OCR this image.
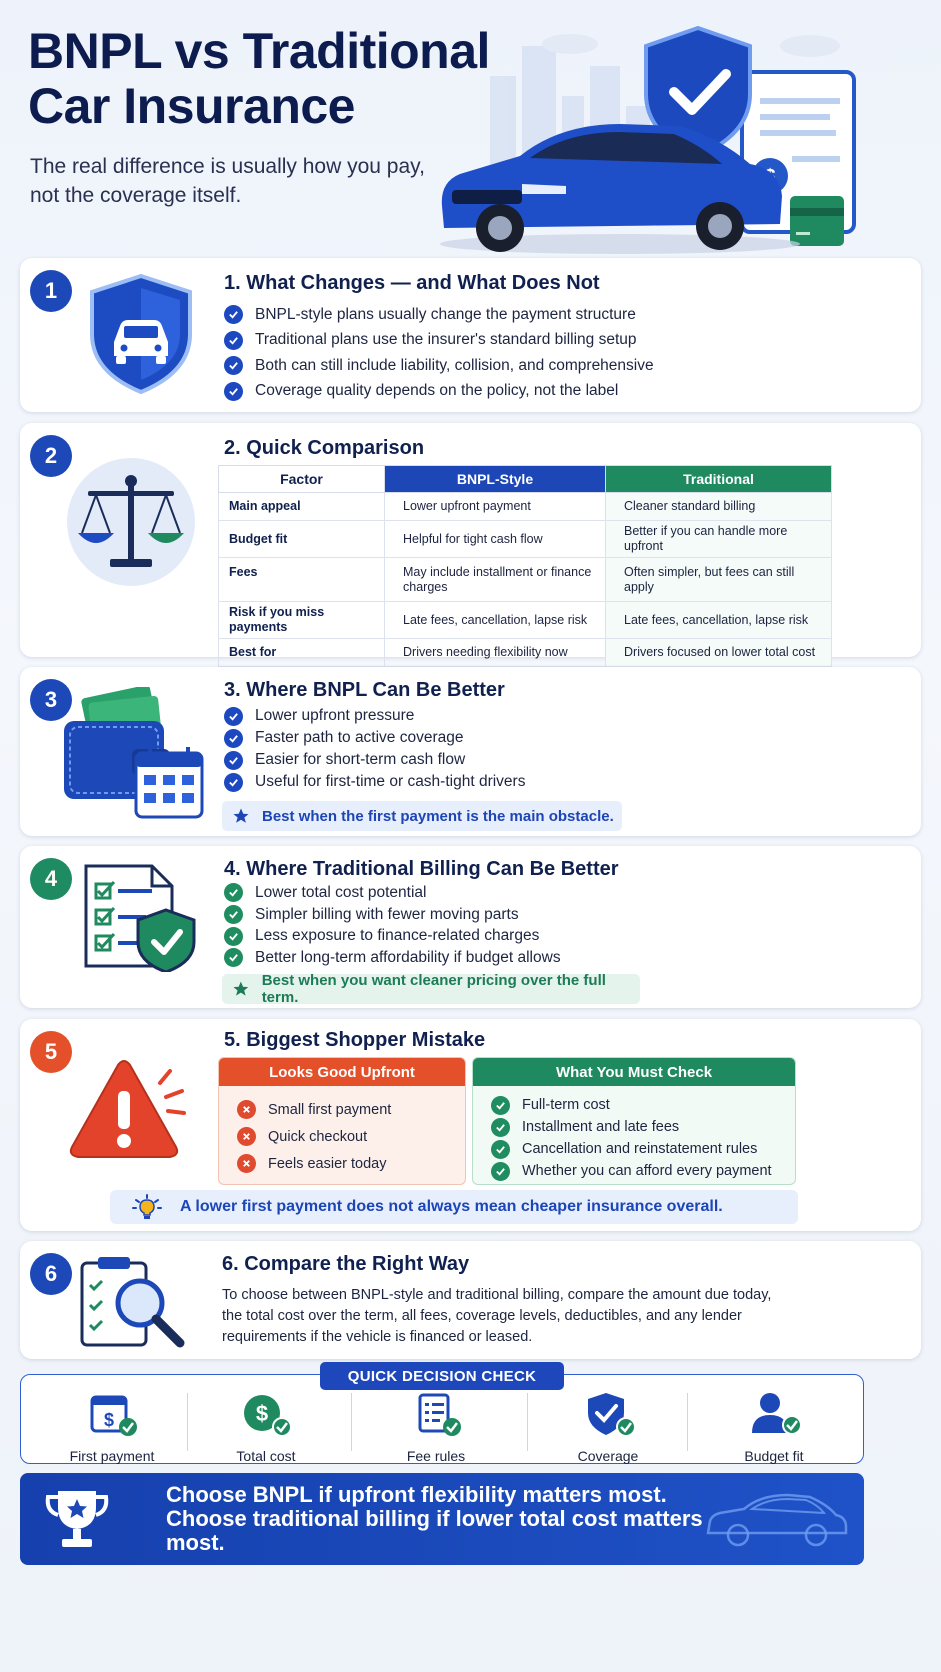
BNPL vs Traditional Car Insurance

The real difference is usually how you pay, not the coverage itself.

1	1. What Changes — and What Does Not
BNPL-style plans usually change the payment structure
Traditional plans use the insurer's standard billing setup
Both can still include liability, collision, and comprehensive
Coverage quality depends on the policy, not the label
2	2. Quick Comparison
Factor	BNPL-Style	Traditional
Main appeal	Lower upfront payment	Cleaner standard billing
Budget fit	Helpful for tight cash flow	Better if you can handle more upfront
Fees	May include installment or finance charges	Often simpler, but fees can still apply
Risk if you miss payments	Late fees, cancellation, lapse risk	Late fees, cancellation, lapse risk
Best for	Drivers needing flexibility now	Drivers focused on lower total cost
3	3. Where BNPL Can Be Better
Lower upfront pressure
Faster path to active coverage
Easier for short-term cash flow
Useful for first-time or cash-tight drivers
Best when the first payment is the main obstacle.
4	4. Where Traditional Billing Can Be Better
Lower total cost potential
Simpler billing with fewer moving parts
Less exposure to finance-related charges
Better long-term affordability if budget allows
Best when you want cleaner pricing over the full term.
5	5. Biggest Shopper Mistake
Looks Good Upfront
Small first payment
Quick checkout
Feels easier today
What You Must Check
Full-term cost
Installment and late fees
Cancellation and reinstatement rules
Whether you can afford every payment
A lower first payment does not always mean cheaper insurance overall.
6	6. Compare the Right Way

To choose between BNPL-style and traditional billing, compare the amount due today, the total cost over the term, all fees, coverage levels, deductibles, and any lender requirements if the vehicle is financed or leased.

QUICK DECISION CHECK
$
First payment
$
Total cost	Fee rules	Coverage	Budget fit
Choose BNPL if upfront flexibility matters most.
Choose traditional billing if lower total cost matters most.
